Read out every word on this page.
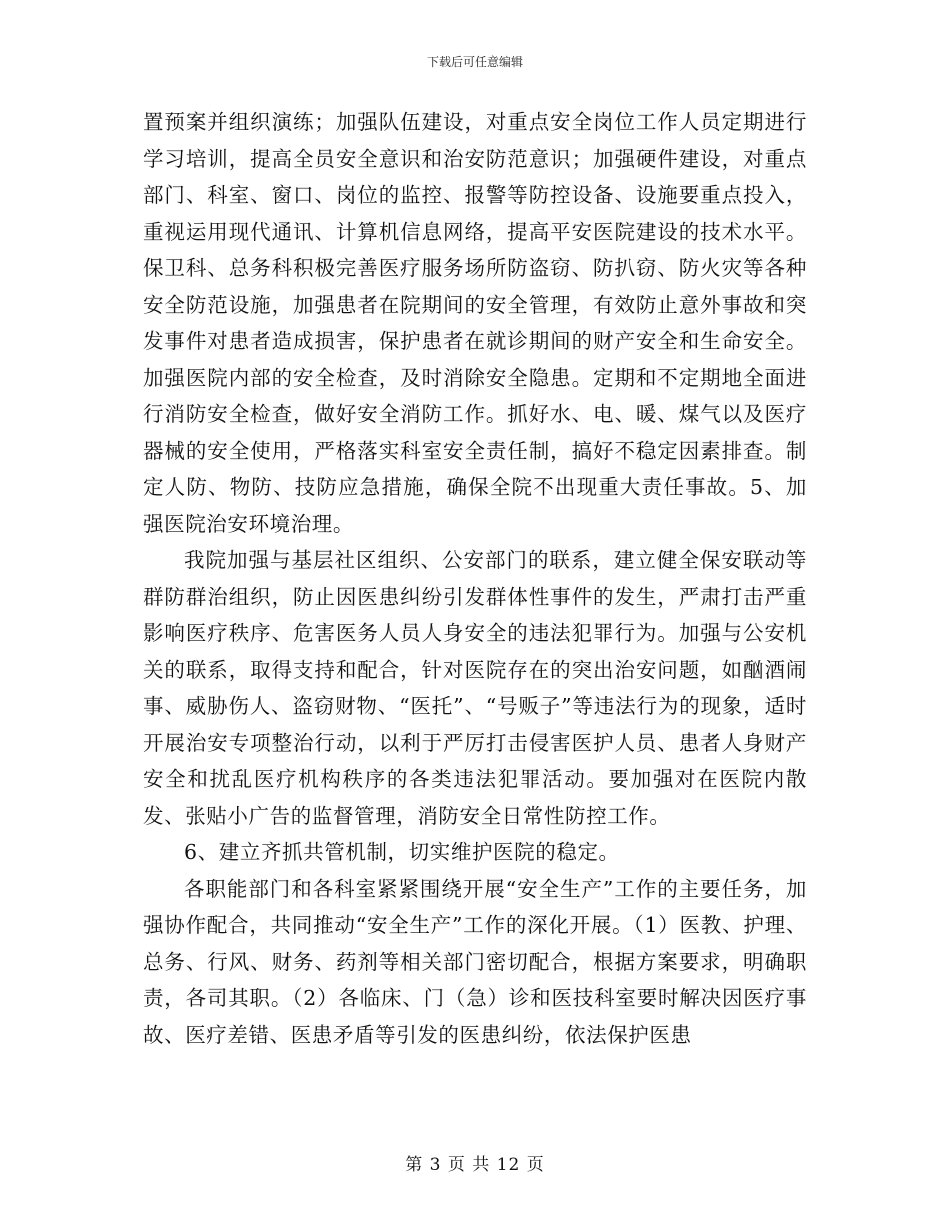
下载后可任意编辑

置预案并组织演练；加强队伍建设，对重点安全岗位工作人员定期进行学习培训，提高全员安全意识和治安防范意识；加强硬件建设，对重点部门、科室、窗口、岗位的监控、报警等防控设备、设施要重点投入，重视运用现代通讯、计算机信息网络，提高平安医院建设的技术水平。保卫科、总务科积极完善医疗服务场所防盗窃、防扒窃、防火灾等各种安全防范设施，加强患者在院期间的安全管理，有效防止意外事故和突发事件对患者造成损害，保护患者在就诊期间的财产安全和生命安全。加强医院内部的安全检查，及时消除安全隐患。定期和不定期地全面进行消防安全检查，做好安全消防工作。抓好水、电、暖、煤气以及医疗器械的安全使用，严格落实科室安全责任制，搞好不稳定因素排查。制定人防、物防、技防应急措施，确保全院不出现重大责任事故。5、加强医院治安环境治理。

我院加强与基层社区组织、公安部门的联系，建立健全保安联动等群防群治组织，防止因医患纠纷引发群体性事件的发生，严肃打击严重影响医疗秩序、危害医务人员人身安全的违法犯罪行为。加强与公安机关的联系，取得支持和配合，针对医院存在的突出治安问题，如酗酒闹事、威胁伤人、盗窃财物、“医托”、“号贩子”等违法行为的现象，适时开展治安专项整治行动，以利于严厉打击侵害医护人员、患者人身财产安全和扰乱医疗机构秩序的各类违法犯罪活动。要加强对在医院内散发、张贴小广告的监督管理，消防安全日常性防控工作。

6、建立齐抓共管机制，切实维护医院的稳定。

各职能部门和各科室紧紧围绕开展“安全生产”工作的主要任务，加强协作配合，共同推动“安全生产”工作的深化开展。（1）医教、护理、总务、行风、财务、药剂等相关部门密切配合，根据方案要求，明确职责，各司其职。（2）各临床、门（急）诊和医技科室要时解决因医疗事故、医疗差错、医患矛盾等引发的医患纠纷，依法保护医患

第 3 页 共 12 页
